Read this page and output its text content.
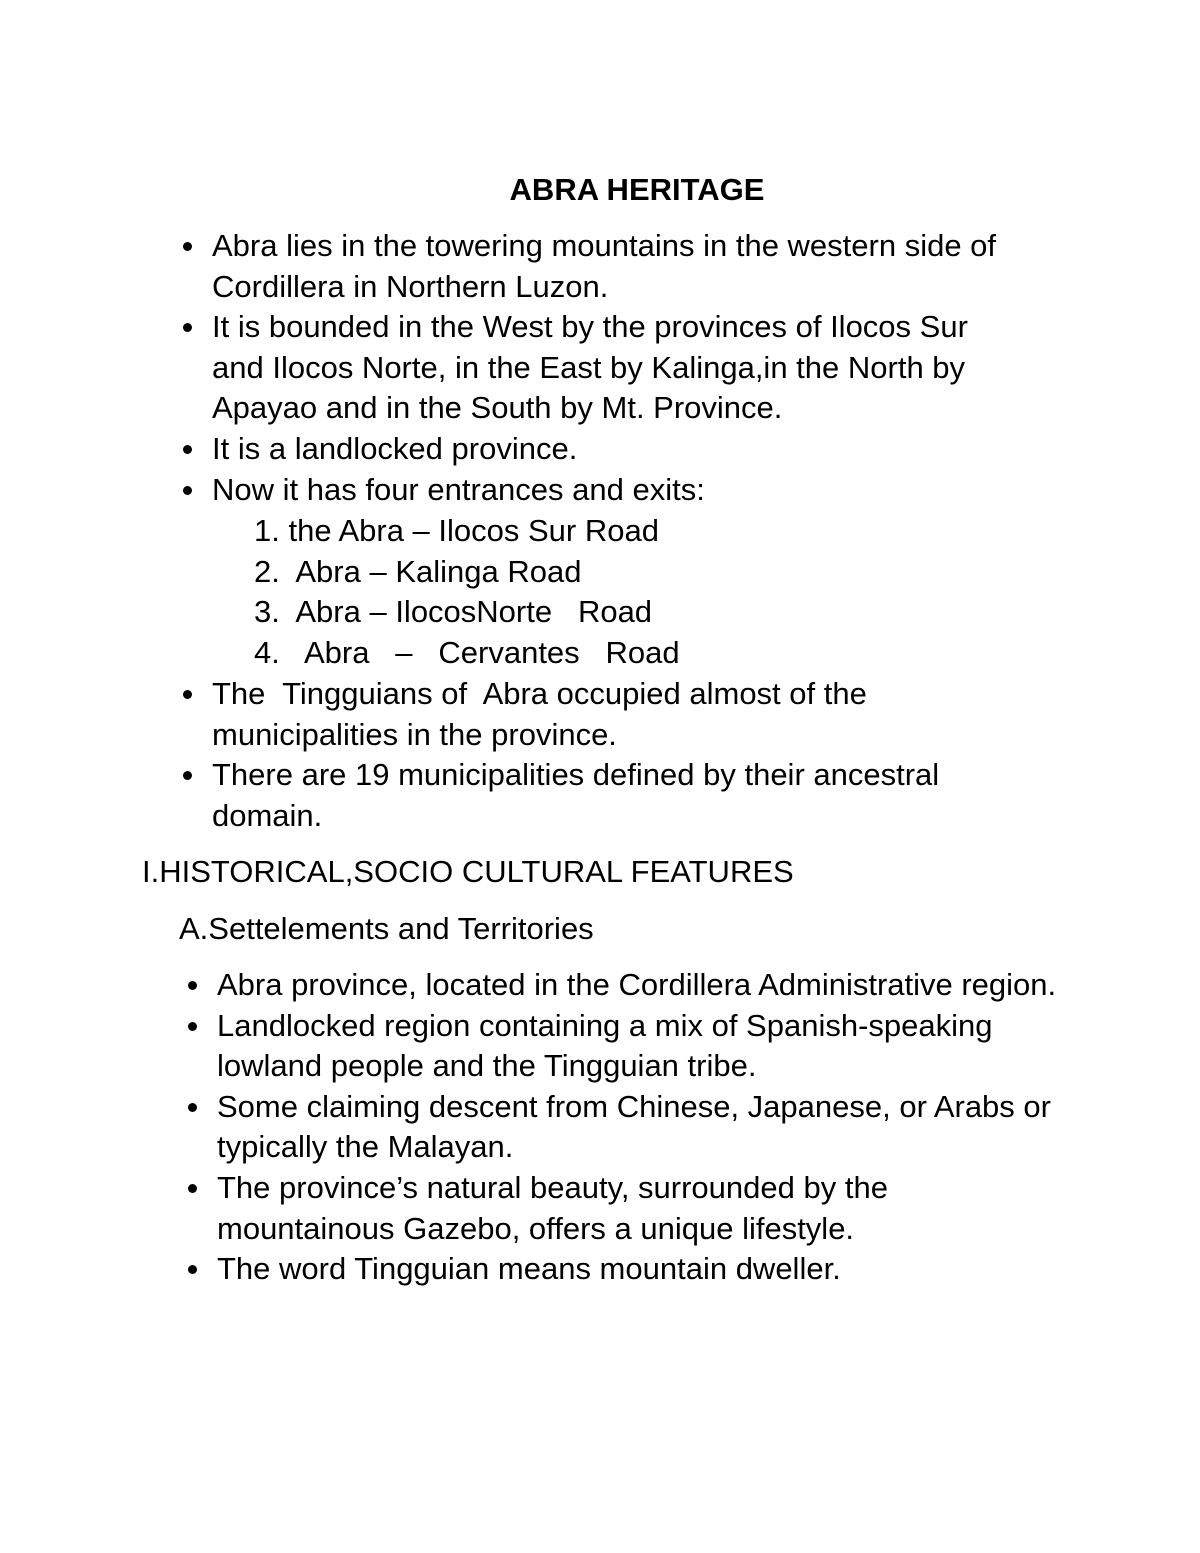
ABRA HERITAGE
Abra lies in the towering mountains in the western side of Cordillera in Northern Luzon.
It is bounded in the West by the provinces of Ilocos Sur and Ilocos Norte, in the East by Kalinga,in the North by Apayao and in the South by Mt. Province.
It is a landlocked province.
Now it has four entrances and exits:
1. the Abra – Ilocos Sur Road
2.  Abra – Kalinga Road
3.  Abra – IlocosNorte   Road
4.   Abra   –   Cervantes   Road
The  Tingguians of  Abra occupied almost of the municipalities in the province.
There are 19 municipalities defined by their ancestral domain.
I.HISTORICAL,SOCIO CULTURAL FEATURES
A.Settelements and Territories
Abra province, located in the Cordillera Administrative region.
Landlocked region containing a mix of Spanish-speaking lowland people and the Tingguian tribe.
Some claiming descent from Chinese, Japanese, or Arabs or typically the Malayan.
The province’s natural beauty, surrounded by the mountainous Gazebo, offers a unique lifestyle.
The word Tingguian means mountain dweller.
